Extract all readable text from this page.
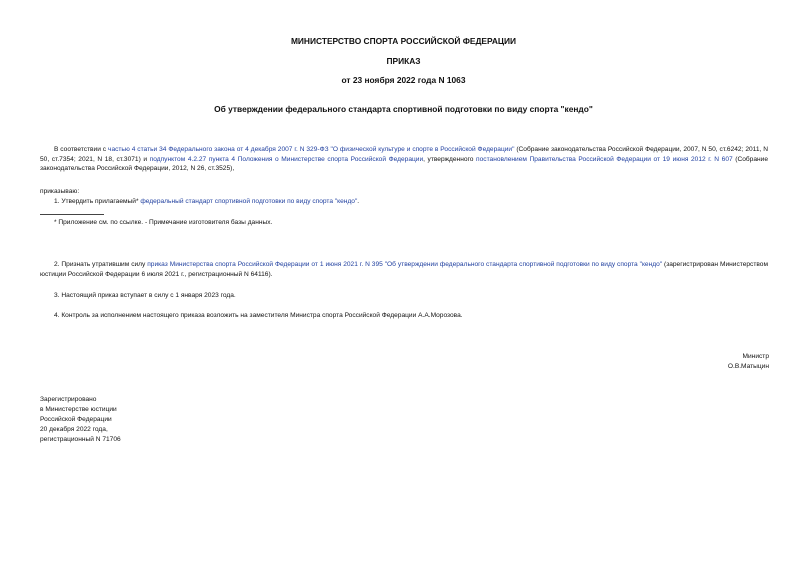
МИНИСТЕРСТВО СПОРТА РОССИЙСКОЙ ФЕДЕРАЦИИ
ПРИКАЗ
от 23 ноября 2022 года N 1063
Об утверждении федерального стандарта спортивной подготовки по виду спорта "кендо"
В соответствии с частью 4 статьи 34 Федерального закона от 4 декабря 2007 г. N 329-ФЗ "О физической культуре и спорте в Российской Федерации" (Собрание законодательства Российской Федерации, 2007, N 50, ст.6242; 2011, N 50, ст.7354; 2021, N 18, ст.3071) и подпунктом 4.2.27 пункта 4 Положения о Министерстве спорта Российской Федерации, утвержденного постановлением Правительства Российской Федерации от 19 июня 2012 г. N 607 (Собрание законодательства Российской Федерации, 2012, N 26, ст.3525),
приказываю:
1. Утвердить прилагаемый* федеральный стандарт спортивной подготовки по виду спорта "кендо".
* Приложение см. по ссылке. - Примечание изготовителя базы данных.
2. Признать утратившим силу приказ Министерства спорта Российской Федерации от 1 июня 2021 г. N 395 "Об утверждении федерального стандарта спортивной подготовки по виду спорта "кендо" (зарегистрирован Министерством юстиции Российской Федерации 6 июля 2021 г., регистрационный N 64116).
3. Настоящий приказ вступает в силу с 1 января 2023 года.
4. Контроль за исполнением настоящего приказа возложить на заместителя Министра спорта Российской Федерации А.А.Морозова.
Министр
О.В.Матыцин
Зарегистрировано
в Министерстве юстиции
Российской Федерации
20 декабря 2022 года,
регистрационный N 71706
